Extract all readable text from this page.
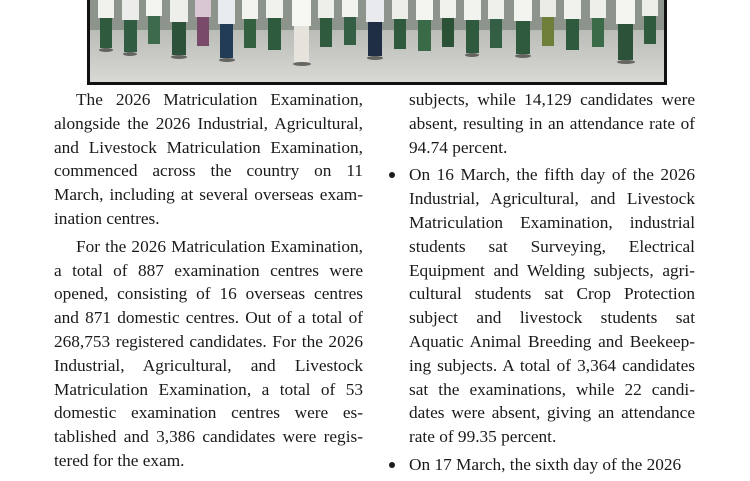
The 2026 Matriculation Examination, alongside the 2026 Industrial, Agricultural, and Livestock Matriculation Examination, commenced across the country on 11 March, including at several overseas examination centres.

For the 2026 Matriculation Examination, a total of 887 examination centres were opened, consisting of 16 overseas centres and 871 domestic centres. Out of a total of 268,753 registered candidates. For the 2026 Industrial, Agricultural, and Livestock Matriculation Examination, a total of 53 domestic examination centres were established and 3,386 candidates were registered for the exam.

subjects, while 14,129 candidates were absent, resulting in an attendance rate of 94.74 percent.

On 16 March, the fifth day of the 2026 Industrial, Agricultural, and Livestock Matriculation Examination, industrial students sat Surveying, Electrical Equipment and Welding subjects, agricultural students sat Crop Protection subject and livestock students sat Aquatic Animal Breeding and Beekeeping subjects. A total of 3,364 candidates sat the examinations, while 22 candidates were absent, giving an attendance rate of 99.35 percent.
On 17 March, the sixth day of the 2026
